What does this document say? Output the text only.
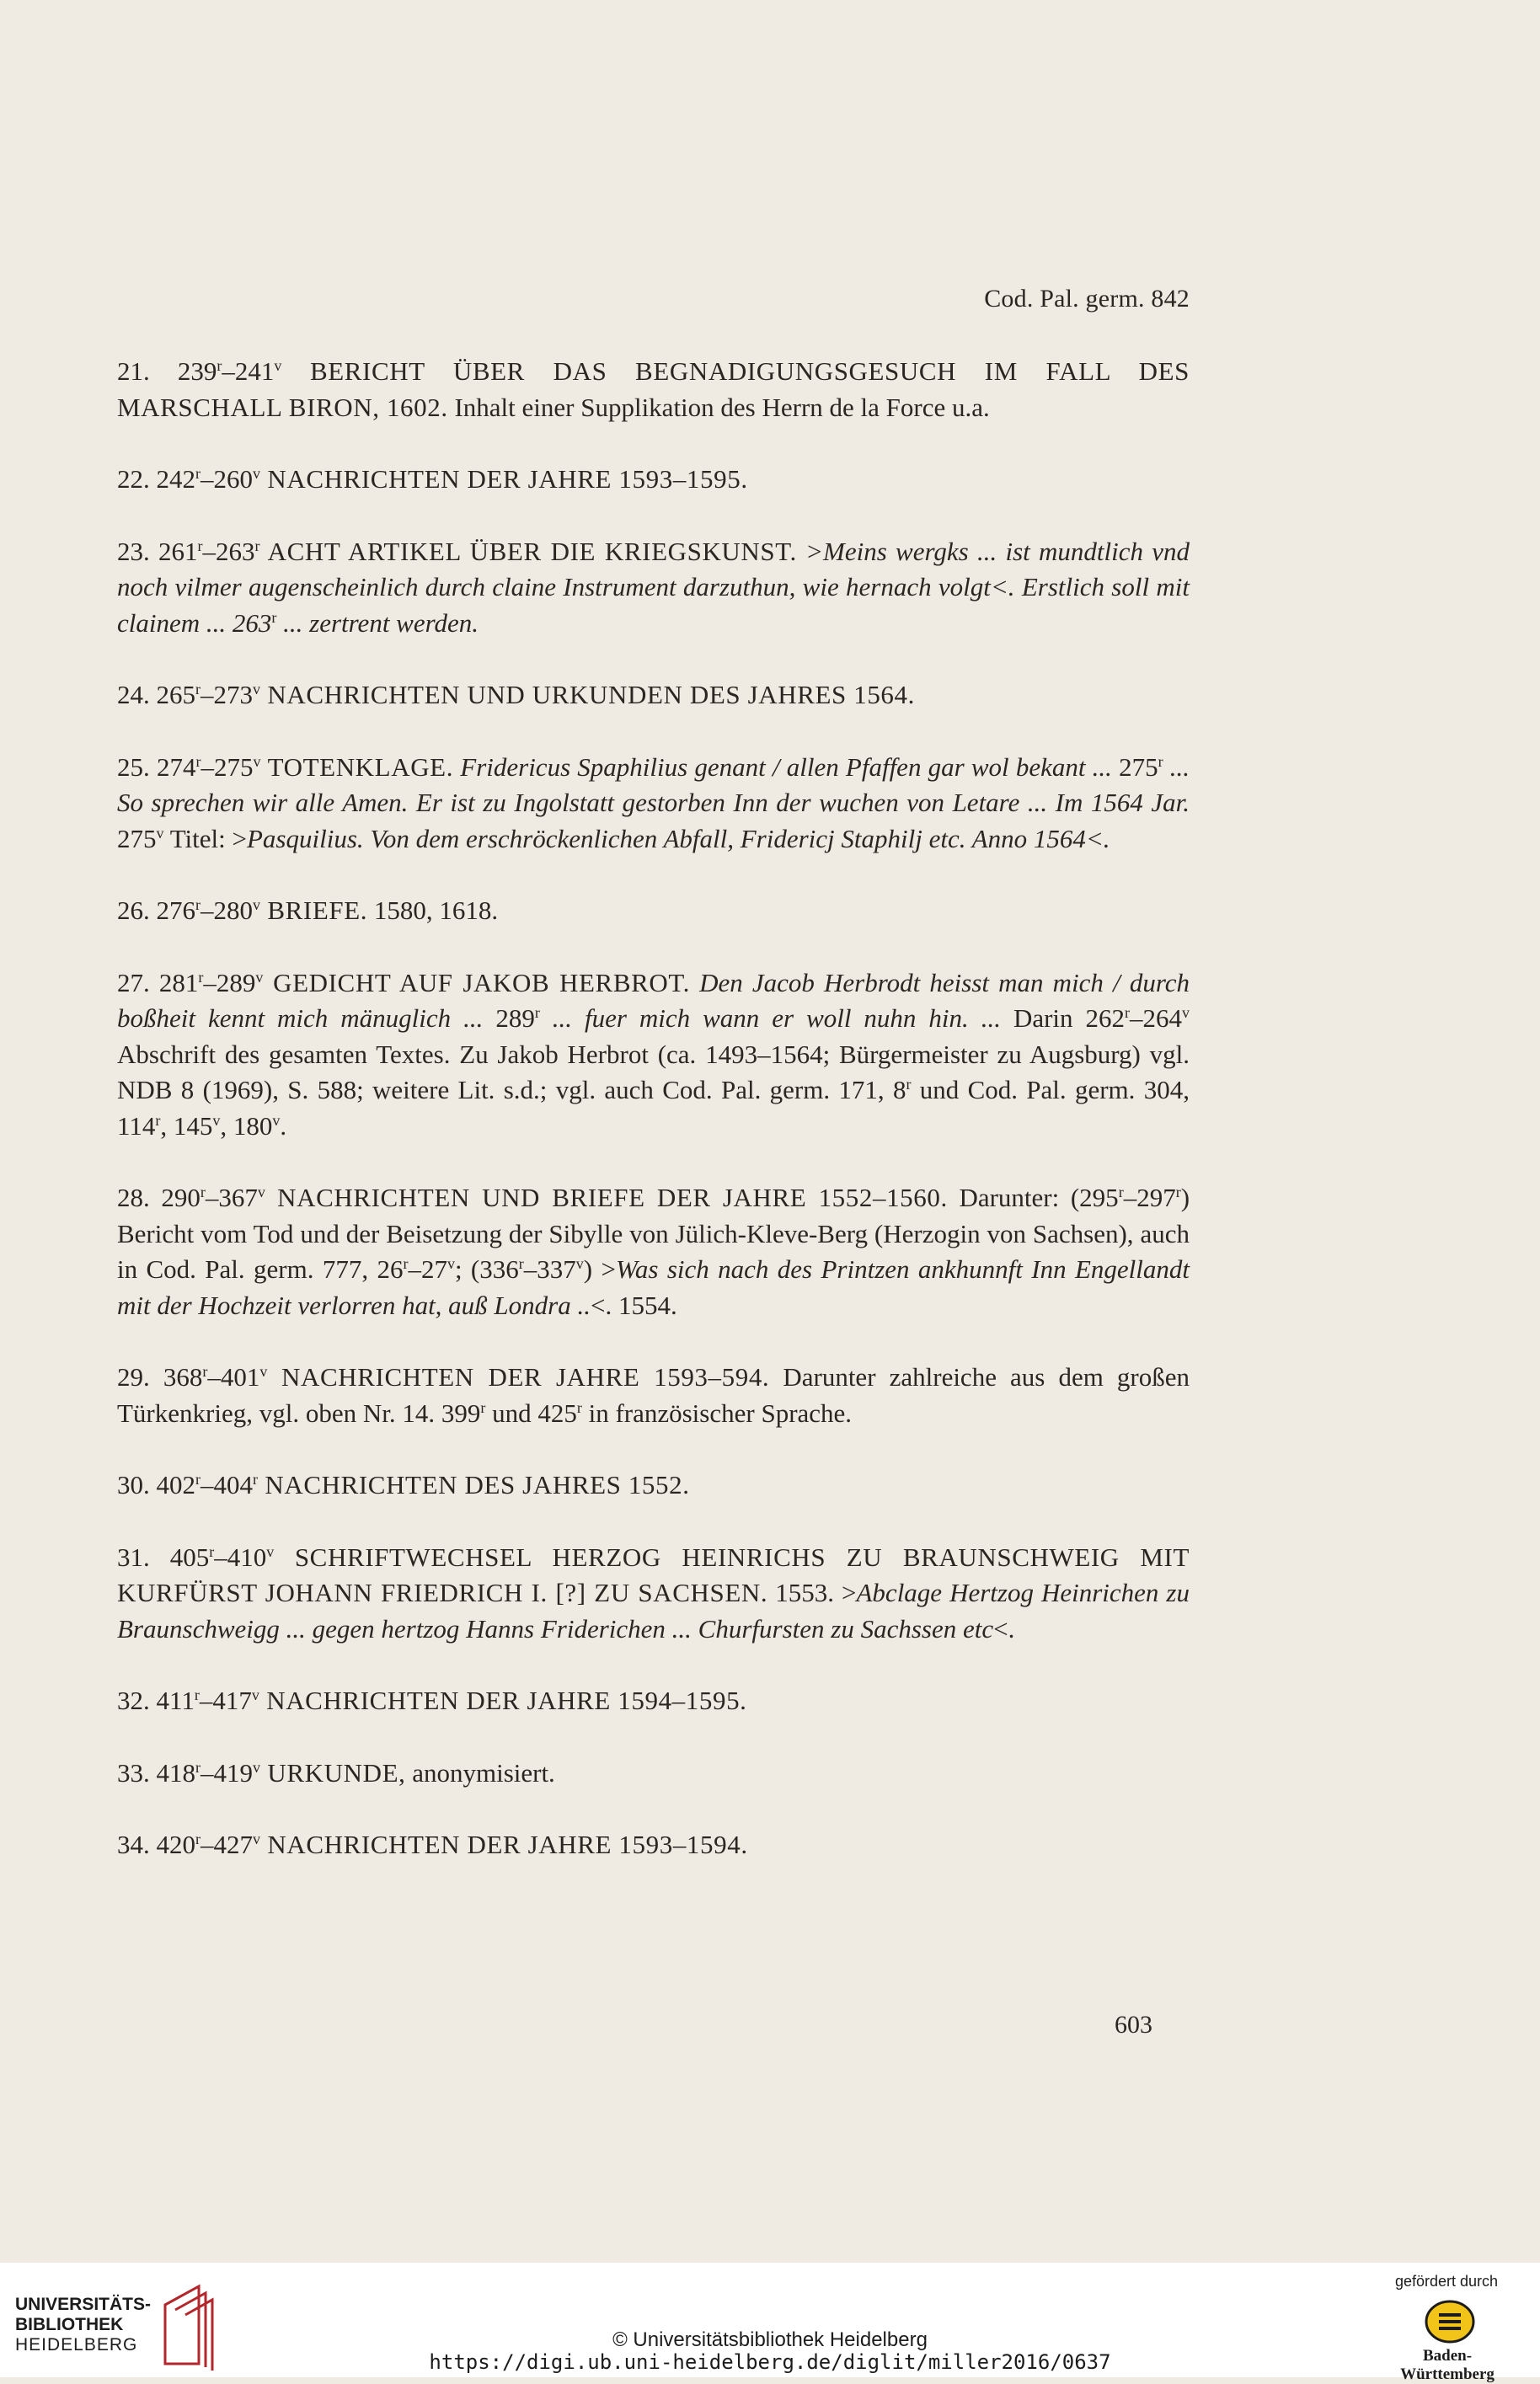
Cod. Pal. germ. 842
21. 239$^r$–241$^v$ BERICHT ÜBER DAS BEGNADIGUNGSGESUCH IM FALL DES MARSCHALL BIRON, 1602. Inhalt einer Supplikation des Herrn de la Force u.a.
22. 242$^r$–260$^v$ NACHRICHTEN DER JAHRE 1593–1595.
23. 261$^r$–263$^r$ ACHT ARTIKEL ÜBER DIE KRIEGSKUNST. >Meins wergks ... ist mundtlich vnd noch vilmer augenscheinlich durch claine Instrument darzuthun, wie hernach volgt<. Erstlich soll mit clainem ... 263$^r$ ... zertrent werden.
24. 265$^r$–273$^v$ NACHRICHTEN UND URKUNDEN DES JAHRES 1564.
25. 274$^r$–275$^v$ TOTENKLAGE. Fridericus Spaphilius genant / allen Pfaffen gar wol bekant ... 275$^r$ ... So sprechen wir alle Amen. Er ist zu Ingolstatt gestorben Inn der wuchen von Letare ... Im 1564 Jar. 275$^v$ Titel: >Pasquilius. Von dem erschröckenlichen Abfall, Fridericj Staphilj etc. Anno 1564<.
26. 276$^r$–280$^v$ BRIEFE. 1580, 1618.
27. 281$^r$–289$^v$ GEDICHT AUF JAKOB HERBROT. Den Jacob Herbrodt heisst man mich / durch boßheit kennt mich mänuglich ... 289$^r$ ... fuer mich wann er woll nuhn hin. ... Darin 262$^r$–264$^v$ Abschrift des gesamten Textes. Zu Jakob Herbrot (ca. 1493–1564; Bürgermeister zu Augsburg) vgl. NDB 8 (1969), S. 588; weitere Lit. s.d.; vgl. auch Cod. Pal. germ. 171, 8$^r$ und Cod. Pal. germ. 304, 114$^r$, 145$^v$, 180$^v$.
28. 290$^r$–367$^v$ NACHRICHTEN UND BRIEFE DER JAHRE 1552–1560. Darunter: (295$^r$–297$^r$) Bericht vom Tod und der Beisetzung der Sibylle von Jülich-Kleve-Berg (Herzogin von Sachsen), auch in Cod. Pal. germ. 777, 26$^r$–27$^v$; $(336^r-337^v) >Was$ sich nach des Printzen ankhunnft Inn Engellandt mit der Hochzeit verlorren hat, auß Londra ..<. 1554.
29. 368$^r$–401$^v$ NACHRICHTEN DER JAHRE 1593–594. Darunter zahlreiche aus dem großen Türkenkrieg, vgl. oben Nr. 14. 399$^r$ und 425$^r$ in französischer Sprache.
30. 402$^r$–404$^r$ NACHRICHTEN DES JAHRES 1552.
31. 405$^r$–410$^v$ SCHRIFTWECHSEL HERZOG HEINRICHS ZU BRAUNSCHWEIG MIT KURFÜRST JOHANN FRIEDRICH I. [?] ZU SACHSEN. 1553. >Abclage Hertzog Heinrichen zu Braunschweigg ... gegen hertzog Hanns Friderichen ... Churfursten zu Sachssen etc<.
32. 411$^r$–417$^v$ NACHRICHTEN DER JAHRE 1594–1595.
33. 418$^r$–419$^v$ URKUNDE, anonymisiert.
34. 420$^r$–427$^v$ NACHRICHTEN DER JAHRE 1593–1594.
603
UNIVERSITÄTS-
BIBLIOTHEK
HEIDELBERG	© Universitätsbibliothek Heidelberg
https://digi.ub.uni-heidelberg.de/diglit/miller2016/0637
gefördert durch
Baden-Württemberg
